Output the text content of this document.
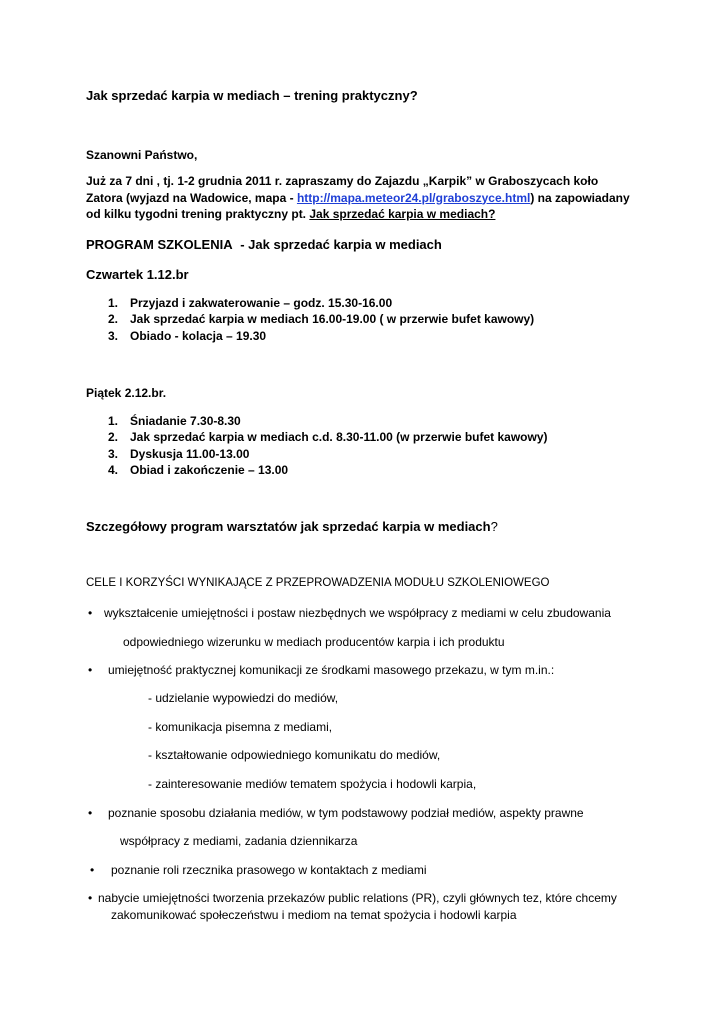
Jak sprzedać karpia w mediach – trening praktyczny?
Szanowni Państwo,
Już za 7 dni , tj. 1-2 grudnia 2011 r. zapraszamy do Zajazdu „Karpik” w Graboszycach koło Zatora (wyjazd na Wadowice, mapa - http://mapa.meteor24.pl/graboszyce.html) na zapowiadany od kilku tygodni trening praktyczny pt. Jak sprzedać karpia w mediach?
PROGRAM SZKOLENIA - Jak sprzedać karpia w mediach
Czwartek 1.12.br
1. Przyjazd i zakwaterowanie – godz. 15.30-16.00
2. Jak sprzedać karpia w mediach 16.00-19.00 ( w przerwie bufet kawowy)
3. Obiado - kolacja – 19.30
Piątek 2.12.br.
1. Śniadanie 7.30-8.30
2. Jak sprzedać karpia w mediach c.d. 8.30-11.00 (w przerwie bufet kawowy)
3. Dyskusja 11.00-13.00
4. Obiad i zakończenie – 13.00
Szczegółowy program warsztatów jak sprzedać karpia w mediach?
CELE I KORZYŚCI WYNIKAJĄCE Z PRZEPROWADZENIA MODUŁU SZKOLENIOWEGO
• wykształcenie umiejętności i postaw niezbędnych we współpracy z mediami w celu zbudowania
odpowiedniego wizerunku w mediach producentów karpia i ich produktu
• umiejętność praktycznej komunikacji ze środkami masowego przekazu, w tym m.in.:
- udzielanie wypowiedzi do mediów,
- komunikacja pisemna z mediami,
- kształtowanie odpowiedniego komunikatu do mediów,
- zainteresowanie mediów tematem spożycia i hodowli karpia,
• poznanie sposobu działania mediów, w tym podstawowy podział mediów, aspekty prawne
współpracy z mediami, zadania dziennikarza
• poznanie roli rzecznika prasowego w kontaktach z mediami
• nabycie umiejętności tworzenia przekazów public relations (PR), czyli głównych tez, które chcemy
zakomunikować społeczeństwu i mediom na temat spożycia i hodowli karpia
